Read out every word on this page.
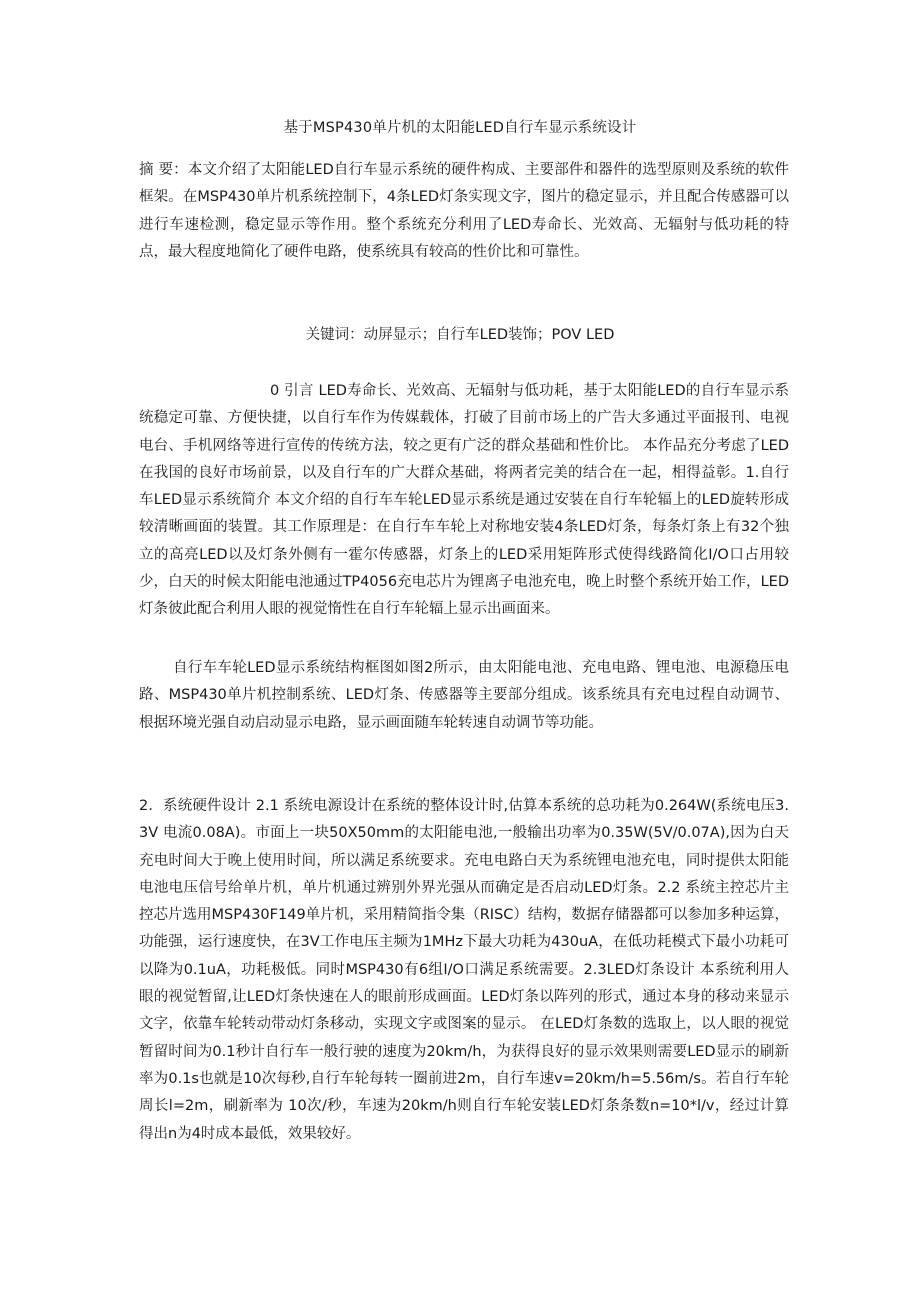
基于MSP430单片机的太阳能LED自行车显示系统设计
摘 要：本文介绍了太阳能LED自行车显示系统的硬件构成、主要部件和器件的选型原则及系统的软件框架。在MSP430单片机系统控制下，4条LED灯条实现文字，图片的稳定显示，并且配合传感器可以进行车速检测，稳定显示等作用。整个系统充分利用了LED寿命长、光效高、无辐射与低功耗的特点，最大程度地简化了硬件电路，使系统具有较高的性价比和可靠性。
关键词：动屏显示；自行车LED装饰；POV LED
0 引言 LED寿命长、光效高、无辐射与低功耗，基于太阳能LED的自行车显示系统稳定可靠、方便快捷，以自行车作为传媒载体，打破了目前市场上的广告大多通过平面报刊、电视电台、手机网络等进行宣传的传统方法，较之更有广泛的群众基础和性价比。 本作品充分考虑了LED在我国的良好市场前景，以及自行车的广大群众基础，将两者完美的结合在一起，相得益彰。1.自行车LED显示系统简介 本文介绍的自行车车轮LED显示系统是通过安装在自行车轮辐上的LED旋转形成较清晰画面的装置。其工作原理是：在自行车车轮上对称地安装4条LED灯条，每条灯条上有32个独立的高亮LED以及灯条外侧有一霍尔传感器，灯条上的LED采用矩阵形式使得线路简化I/O口占用较少，白天的时候太阳能电池通过TP4056充电芯片为锂离子电池充电，晚上时整个系统开始工作，LED灯条彼此配合利用人眼的视觉惰性在自行车轮辐上显示出画面来。
自行车车轮LED显示系统结构框图如图2所示，由太阳能电池、充电电路、锂电池、电源稳压电路、MSP430单片机控制系统、LED灯条、传感器等主要部分组成。该系统具有充电过程自动调节、根据环境光强自动启动显示电路，显示画面随车轮转速自动调节等功能。
2．系统硬件设计 2.1 系统电源设计在系统的整体设计时,估算本系统的总功耗为0.264W(系统电压3.3V 电流0.08A)。市面上一块50X50mm的太阳能电池,一般输出功率为0.35W(5V/0.07A),因为白天充电时间大于晚上使用时间，所以满足系统要求。充电电路白天为系统锂电池充电，同时提供太阳能电池电压信号给单片机，单片机通过辨别外界光强从而确定是否启动LED灯条。2.2 系统主控芯片主控芯片选用MSP430F149单片机，采用精简指令集（RISC）结构，数据存储器都可以参加多种运算，功能强，运行速度快，在3V工作电压主频为1MHz下最大功耗为430uA，在低功耗模式下最小功耗可以降为0.1uA，功耗极低。同时MSP430有6组I/O口满足系统需要。2.3LED灯条设计 本系统利用人眼的视觉暂留,让LED灯条快速在人的眼前形成画面。LED灯条以阵列的形式，通过本身的移动来显示文字，依靠车轮转动带动灯条移动，实现文字或图案的显示。 在LED灯条数的选取上，以人眼的视觉暂留时间为0.1秒计自行车一般行驶的速度为20km/h，为获得良好的显示效果则需要LED显示的刷新率为0.1s也就是10次每秒,自行车轮每转一圈前进2m，自行车速v=20km/h=5.56m/s。若自行车轮周长l=2m，刷新率为 10次/秒，车速为20km/h则自行车轮安装LED灯条条数n=10*l/v，经过计算得出n为4时成本最低，效果较好。
